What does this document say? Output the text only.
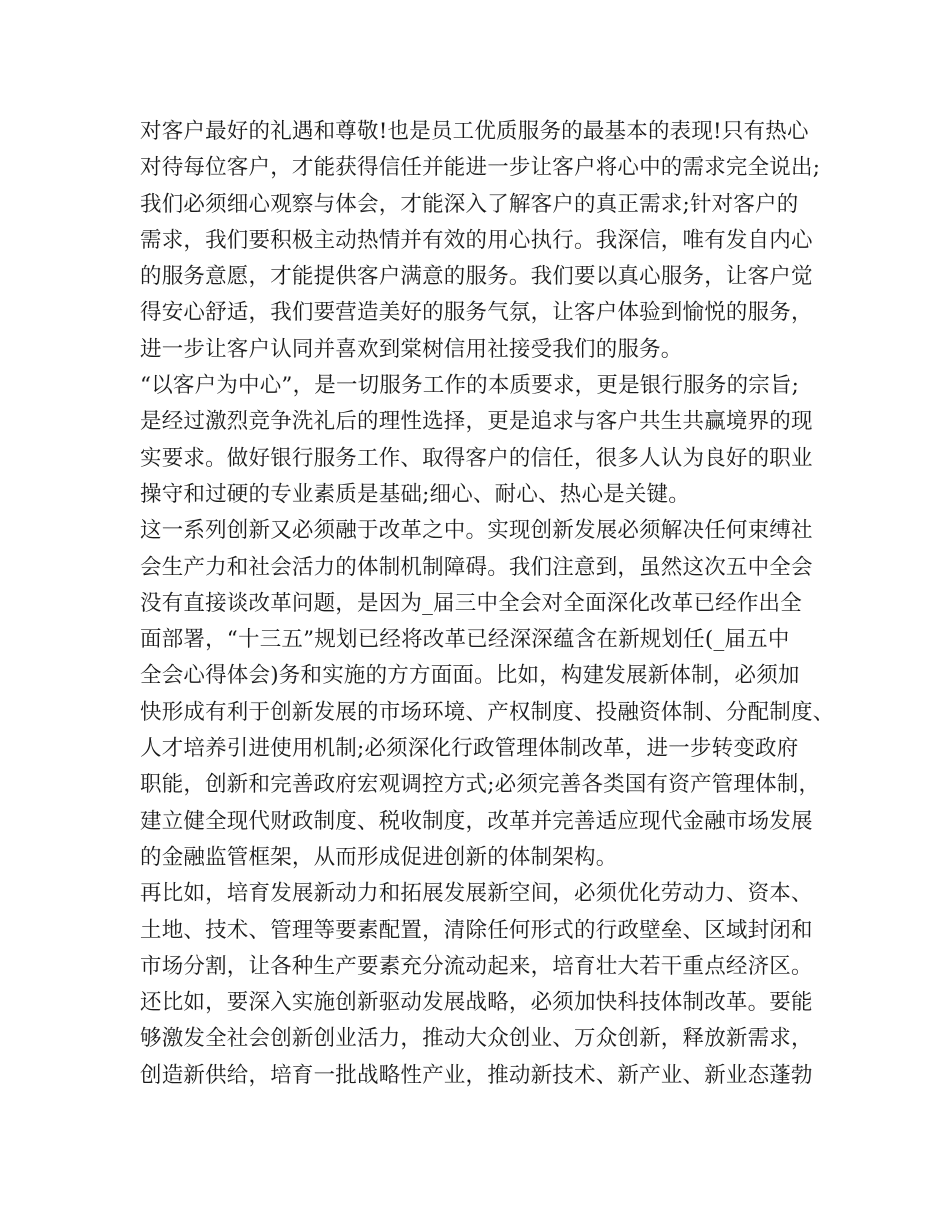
对客户最好的礼遇和尊敬!也是员工优质服务的最基本的表现!只有热心
对待每位客户，才能获得信任并能进一步让客户将心中的需求完全说出;
我们必须细心观察与体会，才能深入了解客户的真正需求;针对客户的
需求，我们要积极主动热情并有效的用心执行。我深信，唯有发自内心
的服务意愿，才能提供客户满意的服务。我们要以真心服务，让客户觉
得安心舒适，我们要营造美好的服务气氛，让客户体验到愉悦的服务，
进一步让客户认同并喜欢到棠树信用社接受我们的服务。
“以客户为中心”，是一切服务工作的本质要求，更是银行服务的宗旨;
是经过激烈竞争洗礼后的理性选择，更是追求与客户共生共赢境界的现
实要求。做好银行服务工作、取得客户的信任，很多人认为良好的职业
操守和过硬的专业素质是基础;细心、耐心、热心是关键。
这一系列创新又必须融于改革之中。实现创新发展必须解决任何束缚社
会生产力和社会活力的体制机制障碍。我们注意到，虽然这次五中全会
没有直接谈改革问题，是因为_届三中全会对全面深化改革已经作出全
面部署，“十三五”规划已经将改革已经深深蕴含在新规划任(_届五中
全会心得体会)务和实施的方方面面。比如，构建发展新体制，必须加
快形成有利于创新发展的市场环境、产权制度、投融资体制、分配制度、
人才培养引进使用机制;必须深化行政管理体制改革，进一步转变政府
职能，创新和完善政府宏观调控方式;必须完善各类国有资产管理体制，
建立健全现代财政制度、税收制度，改革并完善适应现代金融市场发展
的金融监管框架，从而形成促进创新的体制架构。
再比如，培育发展新动力和拓展发展新空间，必须优化劳动力、资本、
土地、技术、管理等要素配置，清除任何形式的行政壁垒、区域封闭和
市场分割，让各种生产要素充分流动起来，培育壮大若干重点经济区。
还比如，要深入实施创新驱动发展战略，必须加快科技体制改革。要能
够激发全社会创新创业活力，推动大众创业、万众创新，释放新需求，
创造新供给，培育一批战略性产业，推动新技术、新产业、新业态蓬勃
